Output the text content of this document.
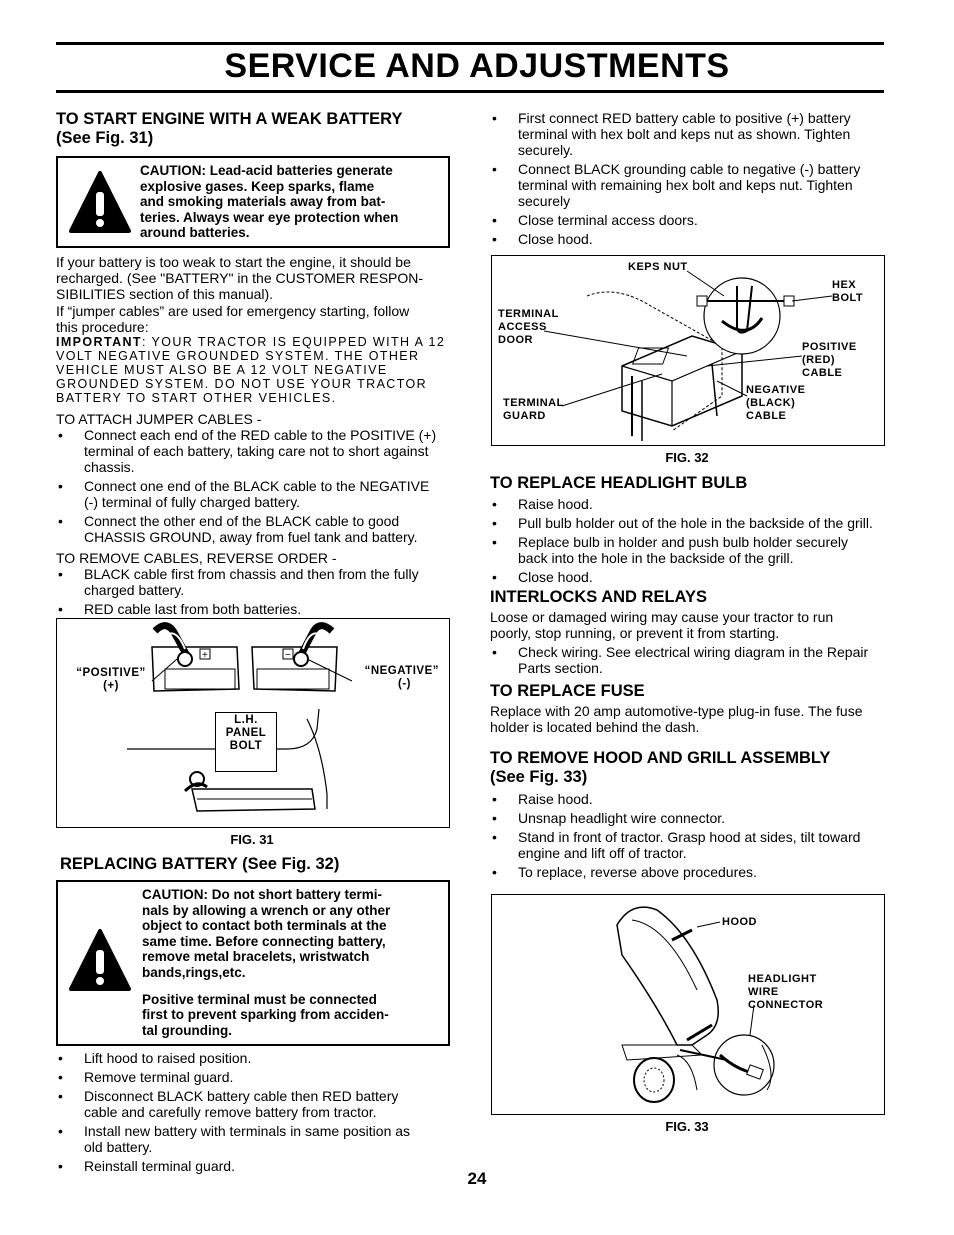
SERVICE AND ADJUSTMENTS
TO START ENGINE WITH A WEAK BATTERY
(See Fig. 31)
CAUTION: Lead-acid batteries generate
explosive gases. Keep sparks, flame
and smoking materials away from bat-
teries. Always wear eye protection when
around batteries.
If your battery is too weak to start the engine, it should be
recharged. (See "BATTERY" in the CUSTOMER RESPON-
SIBILITIES section of this manual).
If “jumper cables” are used for emergency starting, follow
this procedure:
IMPORTANT: YOUR TRACTOR IS EQUIPPED WITH A 12
VOLT NEGATIVE GROUNDED SYSTEM. THE OTHER
VEHICLE MUST ALSO BE A 12 VOLT NEGATIVE
GROUNDED SYSTEM. DO NOT USE YOUR TRACTOR
BATTERY TO START OTHER VEHICLES.
TO ATTACH JUMPER CABLES -
• Connect each end of the RED cable to the POSITIVE (+)
terminal of each battery, taking care not to short against
chassis.
• Connect one end of the BLACK cable to the NEGATIVE
(-) terminal of fully charged battery.
• Connect the other end of the BLACK cable to good
CHASSIS GROUND, away from fuel tank and battery.
TO REMOVE CABLES, REVERSE ORDER -
• BLACK cable first from chassis and then from the fully
charged battery.
• RED cable last from both batteries.
+	−
“POSITIVE”
(+)
“NEGATIVE”
(-)
L.H.
PANEL
BOLT
FIG. 31
REPLACING BATTERY (See Fig. 32)
CAUTION: Do not short battery termi-
nals by allowing a wrench or any other
object to contact both terminals at the
same time. Before connecting battery,
remove metal bracelets, wristwatch
bands,rings,etc.
Positive terminal must be connected
first to prevent sparking from acciden-
tal grounding.
• Lift hood to raised position.
• Remove terminal guard.
• Disconnect BLACK battery cable then RED battery
cable and carefully remove battery from tractor.
• Install new battery with terminals in same position as
old battery.
• Reinstall terminal guard.
• First connect RED battery cable to positive (+) battery
terminal with hex bolt and keps nut as shown. Tighten
securely.
• Connect BLACK grounding cable to negative (-) battery
terminal with remaining hex bolt and keps nut. Tighten
securely
• Close terminal access doors.
• Close hood.
KEPS NUT
HEX
BOLT
TERMINAL
ACCESS
DOOR
POSITIVE
(RED)
CABLE
NEGATIVE
(BLACK)
CABLE
TERMINAL
GUARD
FIG. 32
TO REPLACE HEADLIGHT BULB
• Raise hood.
• Pull bulb holder out of the hole in the backside of the grill.
• Replace bulb in holder and push bulb holder securely
back into the hole in the backside of the grill.
• Close hood.
INTERLOCKS AND RELAYS
Loose or damaged wiring may cause your tractor to run
poorly, stop running, or prevent it from starting.
• Check wiring. See electrical wiring diagram in the Repair
Parts section.
TO REPLACE FUSE
Replace with 20 amp automotive-type plug-in fuse. The fuse
holder is located behind the dash.
TO REMOVE HOOD AND GRILL ASSEMBLY
(See Fig. 33)
• Raise hood.
• Unsnap headlight wire connector.
• Stand in front of tractor. Grasp hood at sides, tilt toward
engine and lift off of tractor.
• To replace, reverse above procedures.
HOOD
HEADLIGHT
WIRE
CONNECTOR
FIG. 33
24
